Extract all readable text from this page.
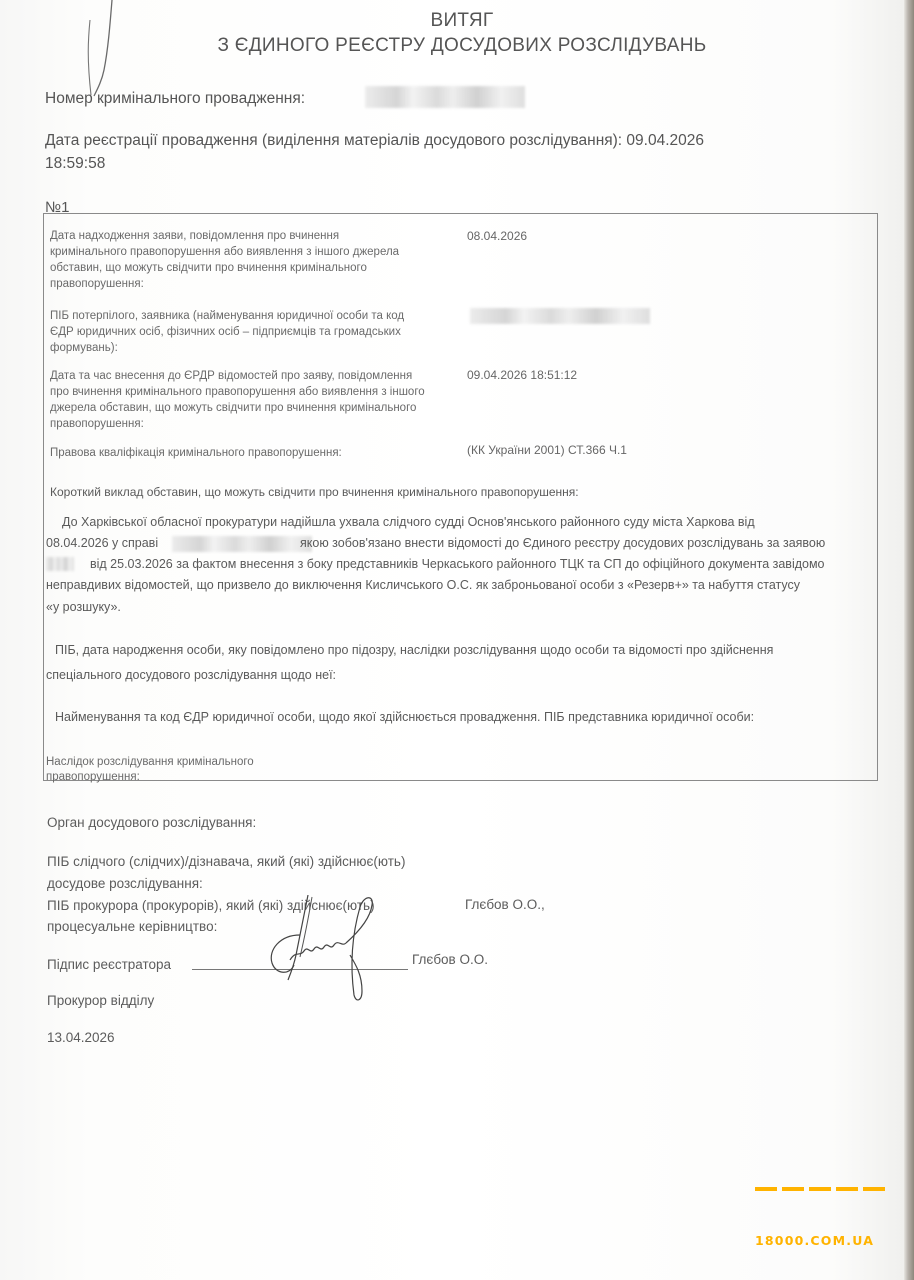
ВИТЯГ
З ЄДИНОГО РЕЄСТРУ ДОСУДОВИХ РОЗСЛІДУВАНЬ
Номер кримінального провадження:
Дата реєстрації провадження (виділення матеріалів досудового розслідування): 09.04.2026
18:59:58
№1
Дата надходження заяви, повідомлення про вчинення кримінального правопорушення або виявлення з іншого джерела обставин, що можуть свідчити про вчинення кримінального правопорушення:
08.04.2026
ПІБ потерпілого, заявника (найменування юридичної особи та код ЄДР юридичних осіб, фізичних осіб – підприємців та громадських формувань):
Дата та час внесення до ЄРДР відомостей про заяву, повідомлення про вчинення кримінального правопорушення або виявлення з іншого джерела обставин, що можуть свідчити про вчинення кримінального правопорушення:
09.04.2026 18:51:12
Правова кваліфікація кримінального правопорушення:	(КК України 2001) СТ.366 Ч.1
Короткий виклад обставин, що можуть свідчити про вчинення кримінального правопорушення:
До Харківської обласної прокуратури надійшла ухвала слідчого судді Основ'янського районного суду міста Харкова від
08.04.2026 у справі	якою зобов'язано внести відомості до Єдиного реєстру досудових розслідувань за заявою
від 25.03.2026 за фактом внесення з боку представників Черкаського районного ТЦК та СП до офіційного документа завідомо
неправдивих відомостей, що призвело до виключення Кисличського О.С. як заброньованої особи з «Резерв+» та набуття статусу
«у розшуку».
ПІБ, дата народження особи, яку повідомлено про підозру, наслідки розслідування щодо особи та відомості про здійснення
спеціального досудового розслідування щодо неї:
Найменування та код ЄДР юридичної особи, щодо якої здійснюється провадження. ПІБ представника юридичної особи:
Наслідок розслідування кримінального
правопорушення:
Орган досудового розслідування:
ПІБ слідчого (слідчих)/дізнавача, який (які) здійснює(ють)
досудове розслідування:
ПІБ прокурора (прокурорів), який (які) здійснює(ють)
процесуальне керівництво:
Глєбов О.О.,
Підпис реєстратора	Глєбов О.О.
Прокурор відділу
13.04.2026
18000.COM.UA
